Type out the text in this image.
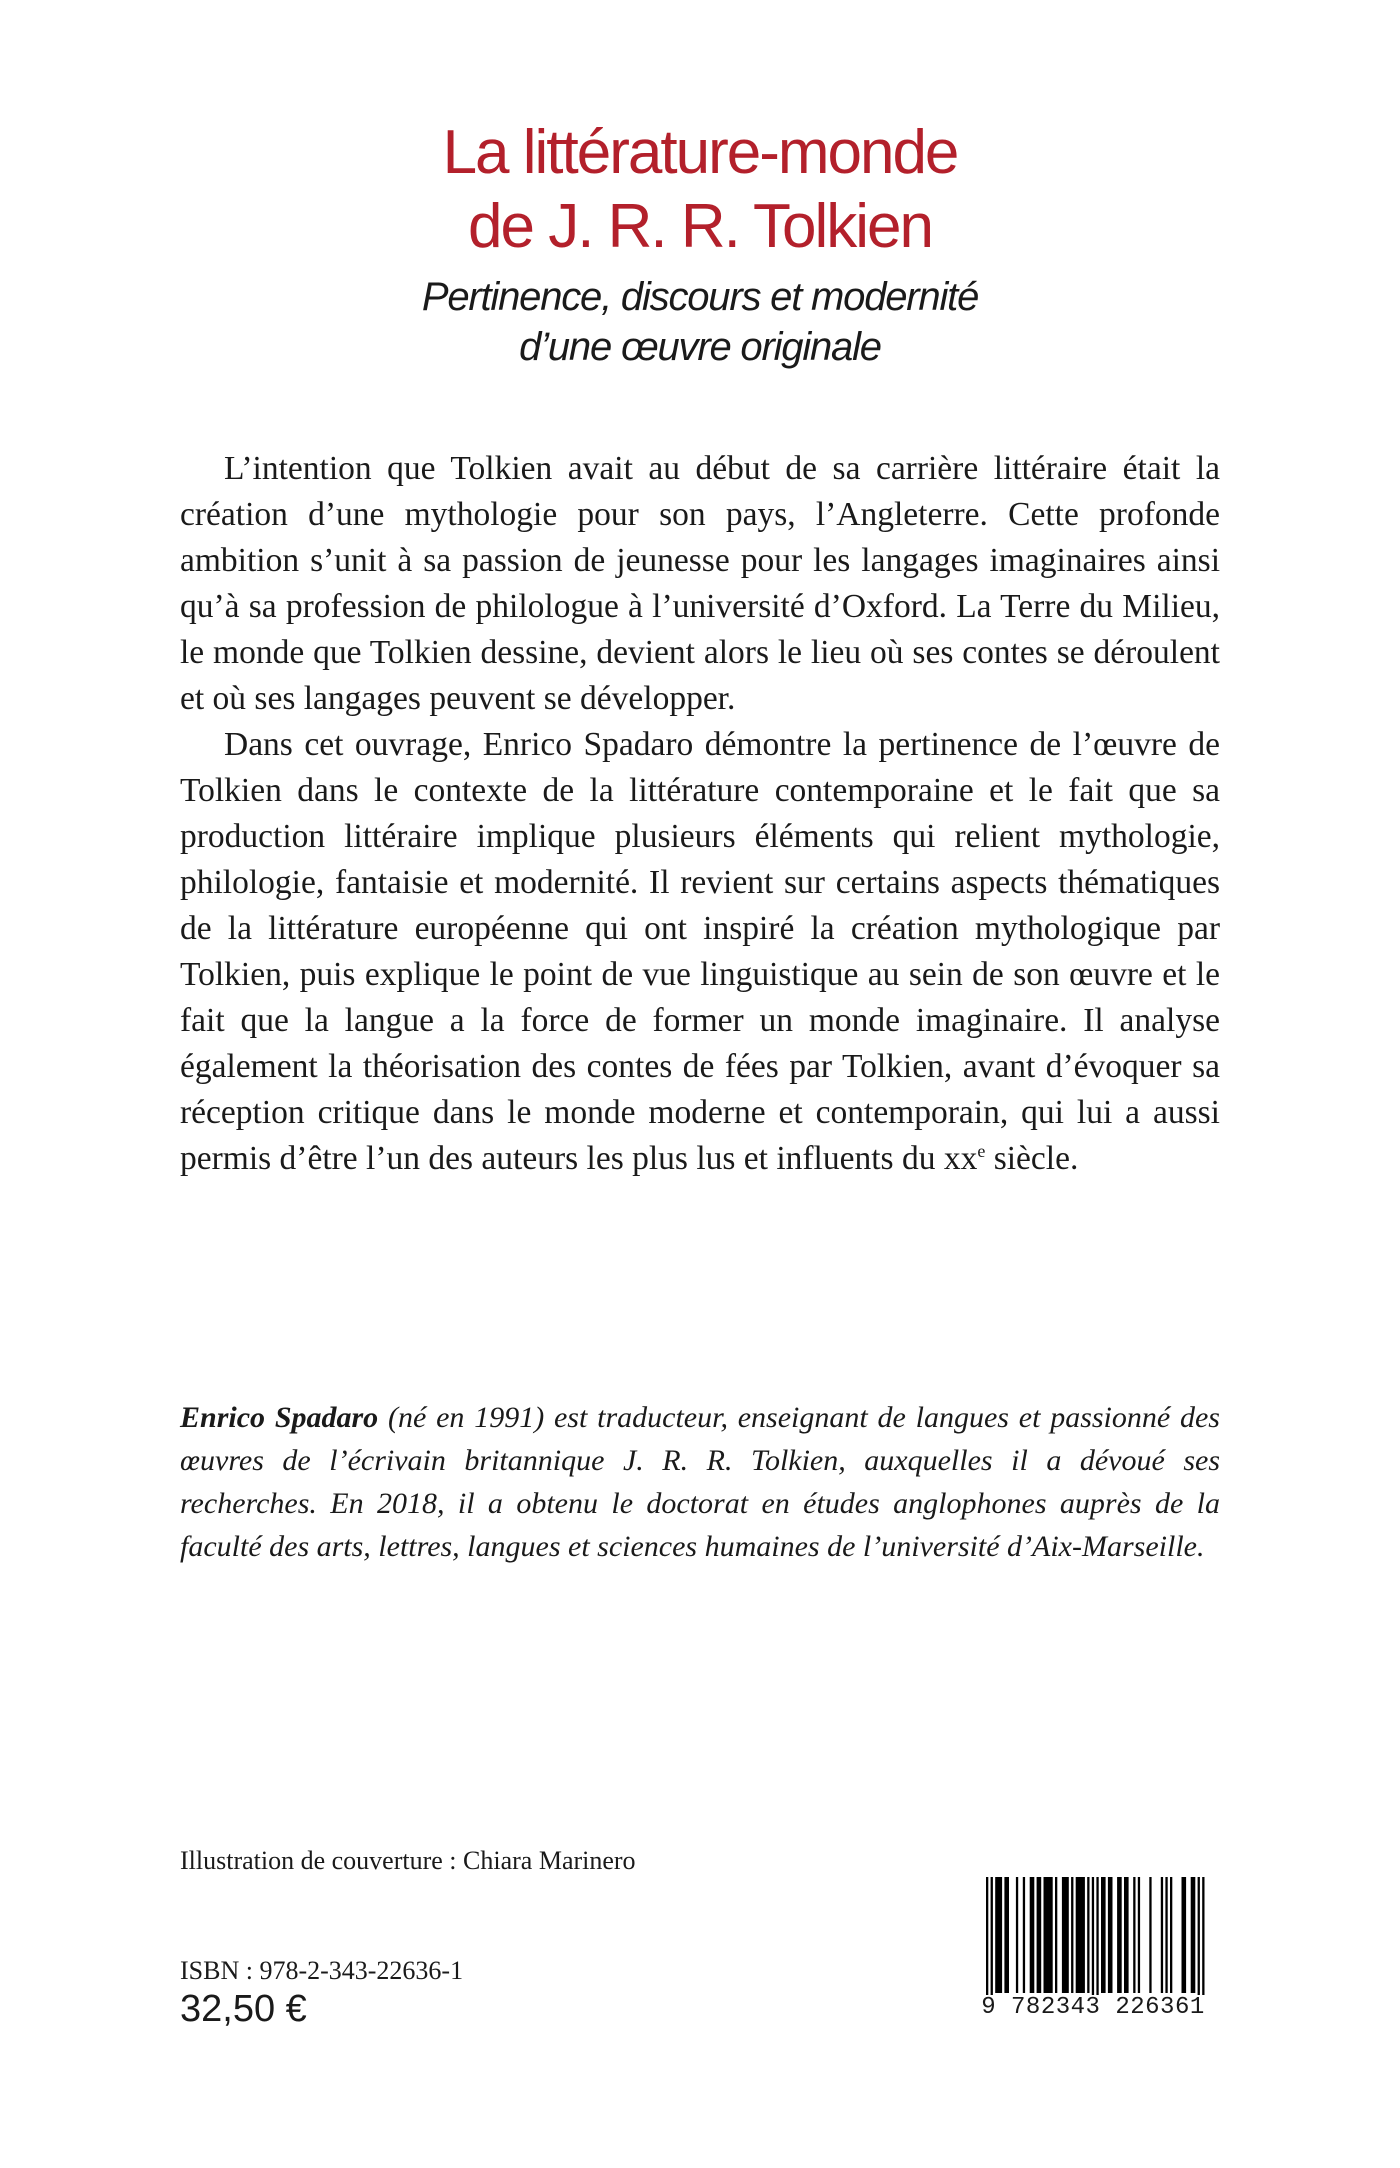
La littérature-monde
de J. R. R. Tolkien
Pertinence, discours et modernité
d’une œuvre originale

L’intention que Tolkien avait au début de sa carrière littéraire était la création d’une mythologie pour son pays, l’Angleterre. Cette profonde ambition s’unit à sa passion de jeunesse pour les langages imaginaires ainsi qu’à sa profession de philologue à l’université d’Oxford. La Terre du Milieu, le monde que Tolkien dessine, devient alors le lieu où ses contes se déroulent et où ses langages peuvent se développer.

Dans cet ouvrage, Enrico Spadaro démontre la pertinence de l’œuvre de Tolkien dans le contexte de la littérature contemporaine et le fait que sa production littéraire implique plusieurs éléments qui relient mythologie, philologie, fantaisie et modernité. Il revient sur certains aspects thématiques de la littérature européenne qui ont inspiré la création mythologique par Tolkien, puis explique le point de vue linguistique au sein de son œuvre et le fait que la langue a la force de former un monde imaginaire. Il analyse également la théorisation des contes de fées par Tolkien, avant d’évoquer sa réception critique dans le monde moderne et contemporain, qui lui a aussi permis d’être l’un des auteurs les plus lus et influents du $xx^e$ siècle.

Enrico Spadaro (né en 1991) est traducteur, enseignant de langues et passionné des œuvres de l’écrivain britannique J. R. R. Tolkien, auxquelles il a dévoué ses recherches. En 2018, il a obtenu le doctorat en études anglophones auprès de la faculté des arts, lettres, langues et sciences humaines de l’université d’Aix-Marseille.

Illustration de couverture : Chiara Marinero
ISBN : 978-2-343-22636-1
32,50 €	9 782343 226361
